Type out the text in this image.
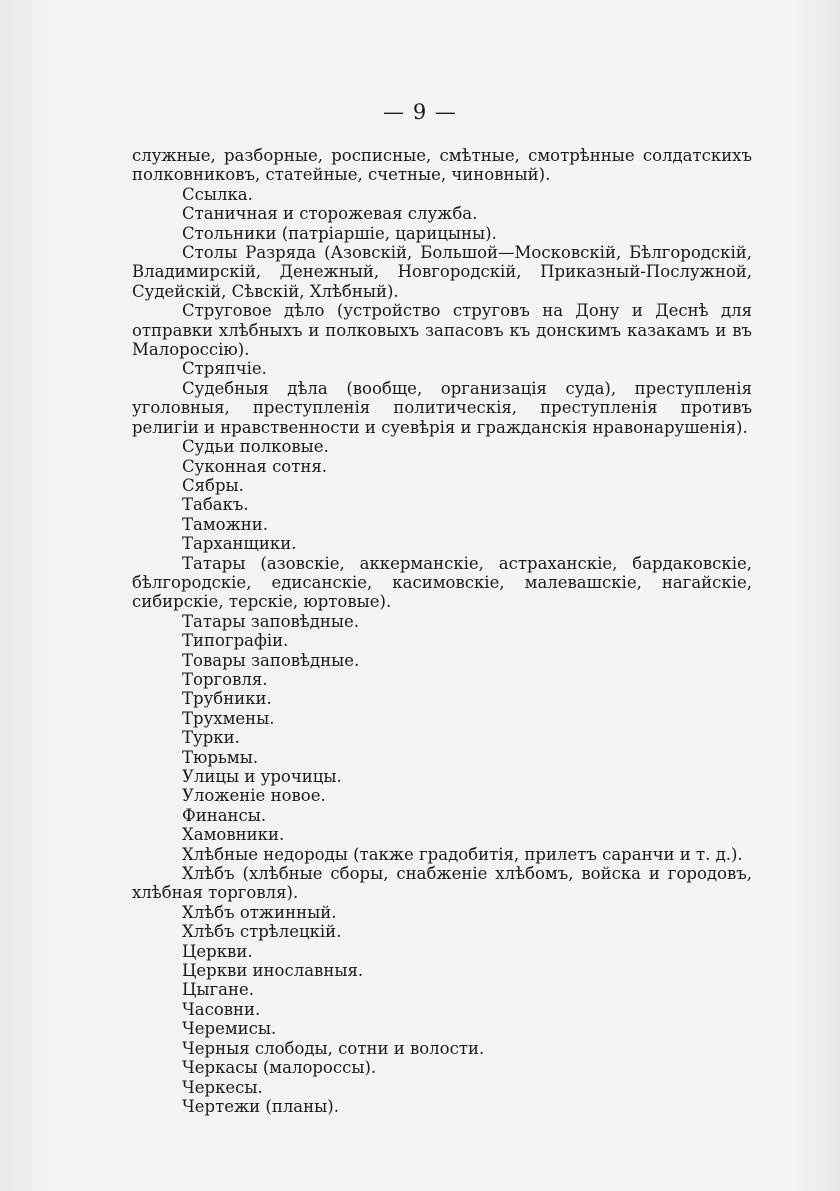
— 9 —

служные, разборные, росписные, смѣтные, смотрѣнные солдатскихъ полковниковъ, статейные, счетные, чиновный).

Ссылка.

Станичная и сторожевая служба.

Стольники (патріаршіе, царицыны).

Столы Разряда (Азовскій, Большой—Московскій, Бѣлгородскій, Владимирскій, Денежный, Новгородскій, Приказный-Послужной, Судейскій, Сѣвскій, Хлѣбный).

Струговое дѣло (устройство струговъ на Дону и Деснѣ для отправки хлѣбныхъ и полковыхъ запасовъ къ донскимъ казакамъ и въ Малороссію).

Стряпчіе.

Судебныя дѣла (вообще, организація суда), преступленія уголовныя, преступленія политическія, преступленія противъ религіи и нравственности и суевѣрія и гражданскія нравонарушенія).

Судьи полковые.

Суконная сотня.

Сябры.

Табакъ.

Таможни.

Тарханщики.

Татары (азовскіе, аккерманскіе, астраханскіе, бардаковскіе, бѣлгородскіе, едисанскіе, касимовскіе, малевашскіе, нагайскіе, сибирскіе, терскіе, юртовые).

Татары заповѣдные.

Типографіи.

Товары заповѣдные.

Торговля.

Трубники.

Трухмены.

Турки.

Тюрьмы.

Улицы и урочицы.

Уложеніе новое.

Финансы.

Хамовники.

Хлѣбные недороды (также градобитія, прилетъ саранчи и т. д.).

Хлѣбъ (хлѣбные сборы, снабженіе хлѣбомъ, войска и городовъ, хлѣбная торговля).

Хлѣбъ отжинный.

Хлѣбъ стрѣлецкій.

Церкви.

Церкви инославныя.

Цыгане.

Часовни.

Черемисы.

Черныя слободы, сотни и волости.

Черкасы (малороссы).

Черкесы.

Чертежи (планы).
